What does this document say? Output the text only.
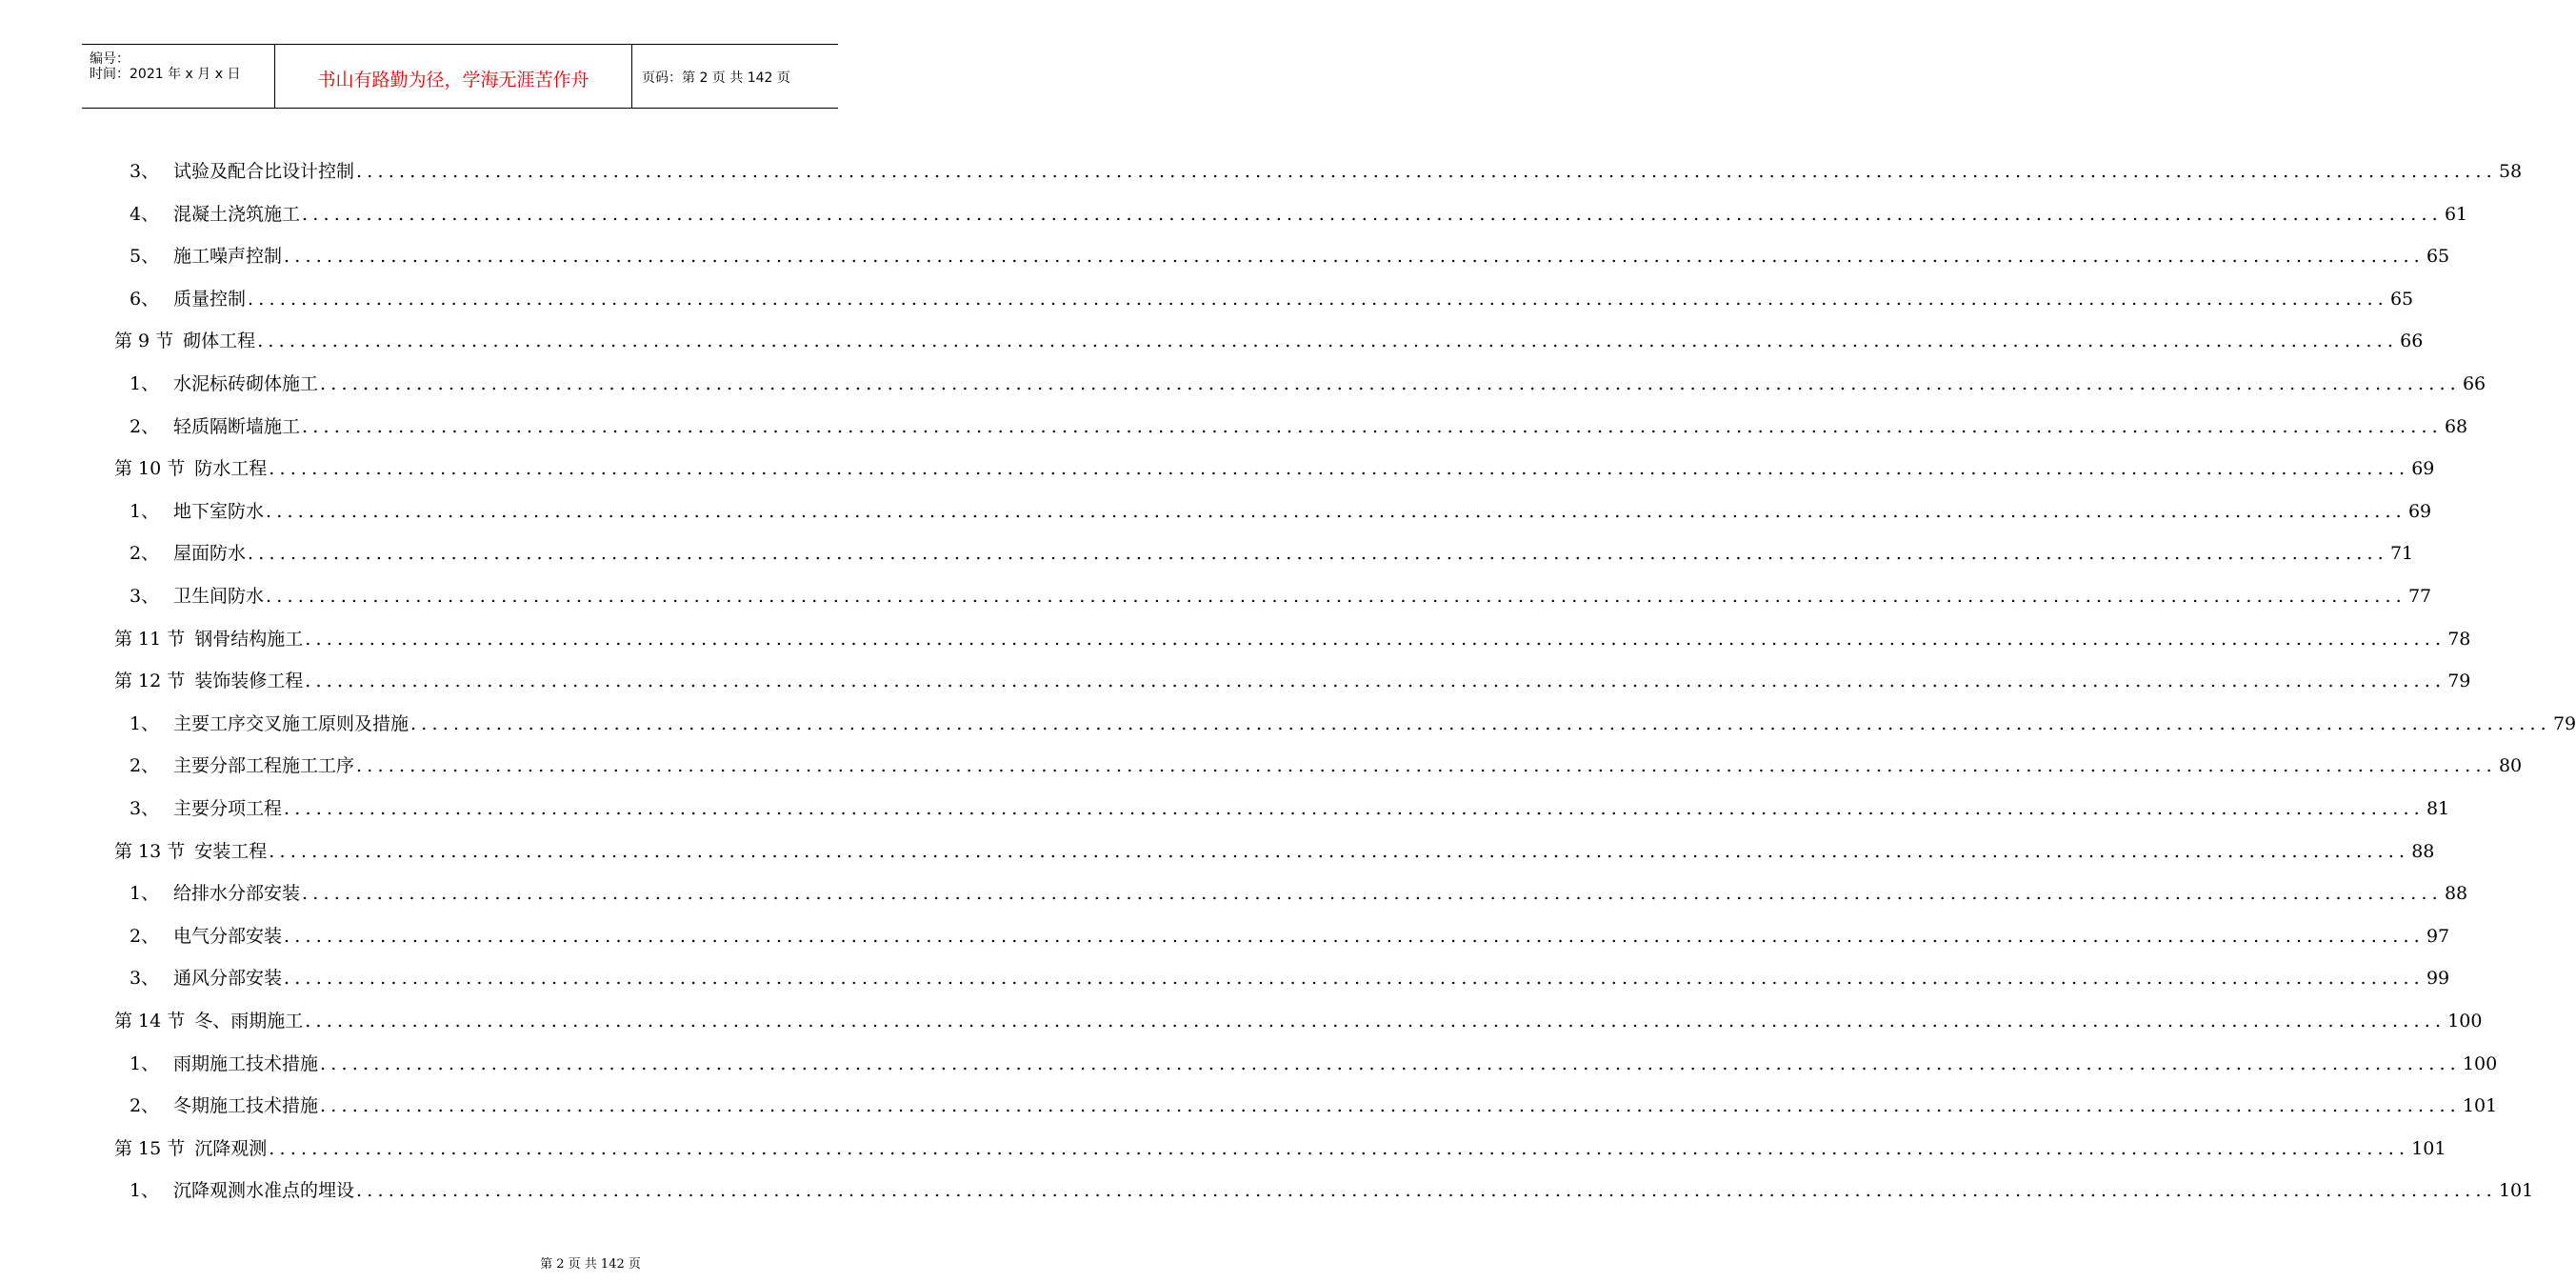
编号：
时间：2021 年 x 月 x 日	书山有路勤为径，学海无涯苦作舟	页码：第 2 页 共 142 页
3、 试验及配合比设计控制 ........................................................................................................................................................................................................ 58
4、 混凝土浇筑施工 ........................................................................................................................................................................................................ 61
5、 施工噪声控制 ........................................................................................................................................................................................................ 65
6、 质量控制 ........................................................................................................................................................................................................ 65
第 9 节 砌体工程 ........................................................................................................................................................................................................ 66
1、 水泥标砖砌体施工 ........................................................................................................................................................................................................ 66
2、 轻质隔断墙施工 ........................................................................................................................................................................................................ 68
第 10 节 防水工程 ........................................................................................................................................................................................................ 69
1、 地下室防水 ........................................................................................................................................................................................................ 69
2、 屋面防水 ........................................................................................................................................................................................................ 71
3、 卫生间防水 ........................................................................................................................................................................................................ 77
第 11 节 钢骨结构施工 ........................................................................................................................................................................................................ 78
第 12 节 装饰装修工程 ........................................................................................................................................................................................................ 79
1、 主要工序交叉施工原则及措施 ........................................................................................................................................................................................................ 79
2、 主要分部工程施工工序 ........................................................................................................................................................................................................ 80
3、 主要分项工程 ........................................................................................................................................................................................................ 81
第 13 节 安装工程 ........................................................................................................................................................................................................ 88
1、 给排水分部安装 ........................................................................................................................................................................................................ 88
2、 电气分部安装 ........................................................................................................................................................................................................ 97
3、 通风分部安装 ........................................................................................................................................................................................................ 99
第 14 节 冬、雨期施工 ........................................................................................................................................................................................................ 100
1、 雨期施工技术措施 ........................................................................................................................................................................................................ 100
2、 冬期施工技术措施 ........................................................................................................................................................................................................ 101
第 15 节 沉降观测 ........................................................................................................................................................................................................ 101
1、 沉降观测水准点的埋设 ........................................................................................................................................................................................................ 101
第 2 页 共 142 页
